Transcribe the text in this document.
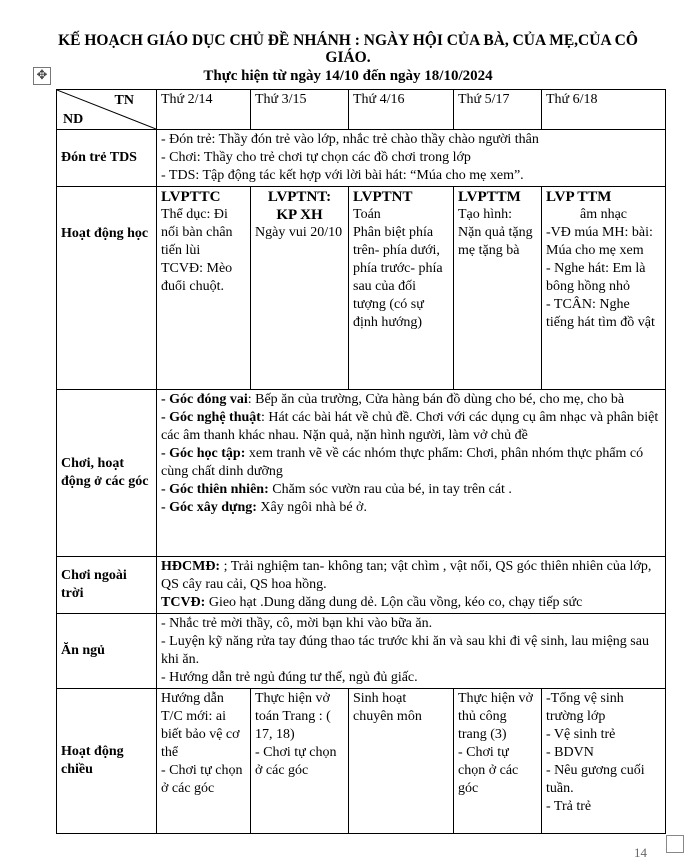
KẾ HOẠCH GIÁO DỤC CHỦ ĐỀ NHÁNH : NGÀY HỘI CỦA BÀ, CỦA MẸ,CỦA CÔ GIÁO.
Thực hiện từ ngày 14/10 đến ngày 18/10/2024
✥
TN
ND	Thứ 2/14	Thứ 3/15	Thứ 4/16	Thứ 5/17	Thứ 6/18
Đón trẻ TDS	- Đón trẻ: Thầy đón trẻ vào lớp, nhắc trẻ chào thầy chào người thân
- Chơi: Thầy cho trẻ chơi tự chọn các đồ chơi trong lớp
- TDS: Tập động tác kết hợp với lời bài hát: “Múa cho mẹ xem”.				

Hoạt động học	LVPTTC
Thể dục: Đi nối bàn chân tiến lùi
TCVĐ: Mèo đuổi chuột.	LVPTNT:
KP XH
Ngày vui 20/10	LVPTNT
Toán
Phân biệt phía trên- phía dưới, phía trước- phía sau của đối tượng (có sự định hướng)	LVPTTM
Tạo hình: Nặn quả tặng mẹ tặng bà	LVP TTM
âm nhạc
-VĐ múa MH: bài: Múa cho mẹ xem
- Nghe hát: Em là bông hồng nhỏ
- TCÂN: Nghe tiếng hát tìm đồ vật

Chơi, hoạt động ở các góc	- Góc đóng vai: Bếp ăn của trường, Cửa hàng bán đồ dùng cho bé, cho mẹ, cho bà
- Góc nghệ thuật: Hát các bài hát về chủ đề. Chơi với các dụng cụ âm nhạc và phân biệt các âm thanh khác nhau. Nặn quả, nặn hình người, làm vở chủ đề
- Góc học tập: xem tranh vẽ về các nhóm thực phẩm: Chơi, phân nhóm thực phẩm có cùng chất dinh dưỡng
- Góc thiên nhiên: Chăm sóc vườn rau của bé, in tay trên cát .
- Góc xây dựng: Xây ngôi nhà bé ở.				

Chơi ngoài trời	HĐCMĐ: ; Trải nghiệm tan- không tan; vật chìm , vật nổi, QS góc thiên nhiên của lớp, QS cây rau cải, QS hoa hồng.
TCVĐ: Gieo hạt .Dung dăng dung dẻ. Lộn cầu vồng, kéo co, chạy tiếp sức				

Ăn ngủ	- Nhắc trẻ mời thầy, cô, mời bạn khi vào bữa ăn.
- Luyện kỹ năng rửa tay đúng thao tác trước khi ăn và sau khi đi vệ sinh, lau miệng sau khi ăn.
- Hướng dẫn trẻ ngủ đúng tư thế, ngủ đủ giấc.				

Hoạt động chiều	Hướng dẫn T/C mới: ai biết bảo vệ cơ thể
- Chơi tự chọn ở các góc	Thực hiện vở toán Trang : ( 17, 18)
- Chơi tự chọn ở các góc	Sinh hoạt chuyên môn	Thực hiện vở thủ công trang (3)
- Chơi tự chọn ở các góc	-Tổng vệ sinh trường lớp
- Vệ sinh trẻ
- BDVN
- Nêu gương cuối tuần.
- Trả trẻ
14
